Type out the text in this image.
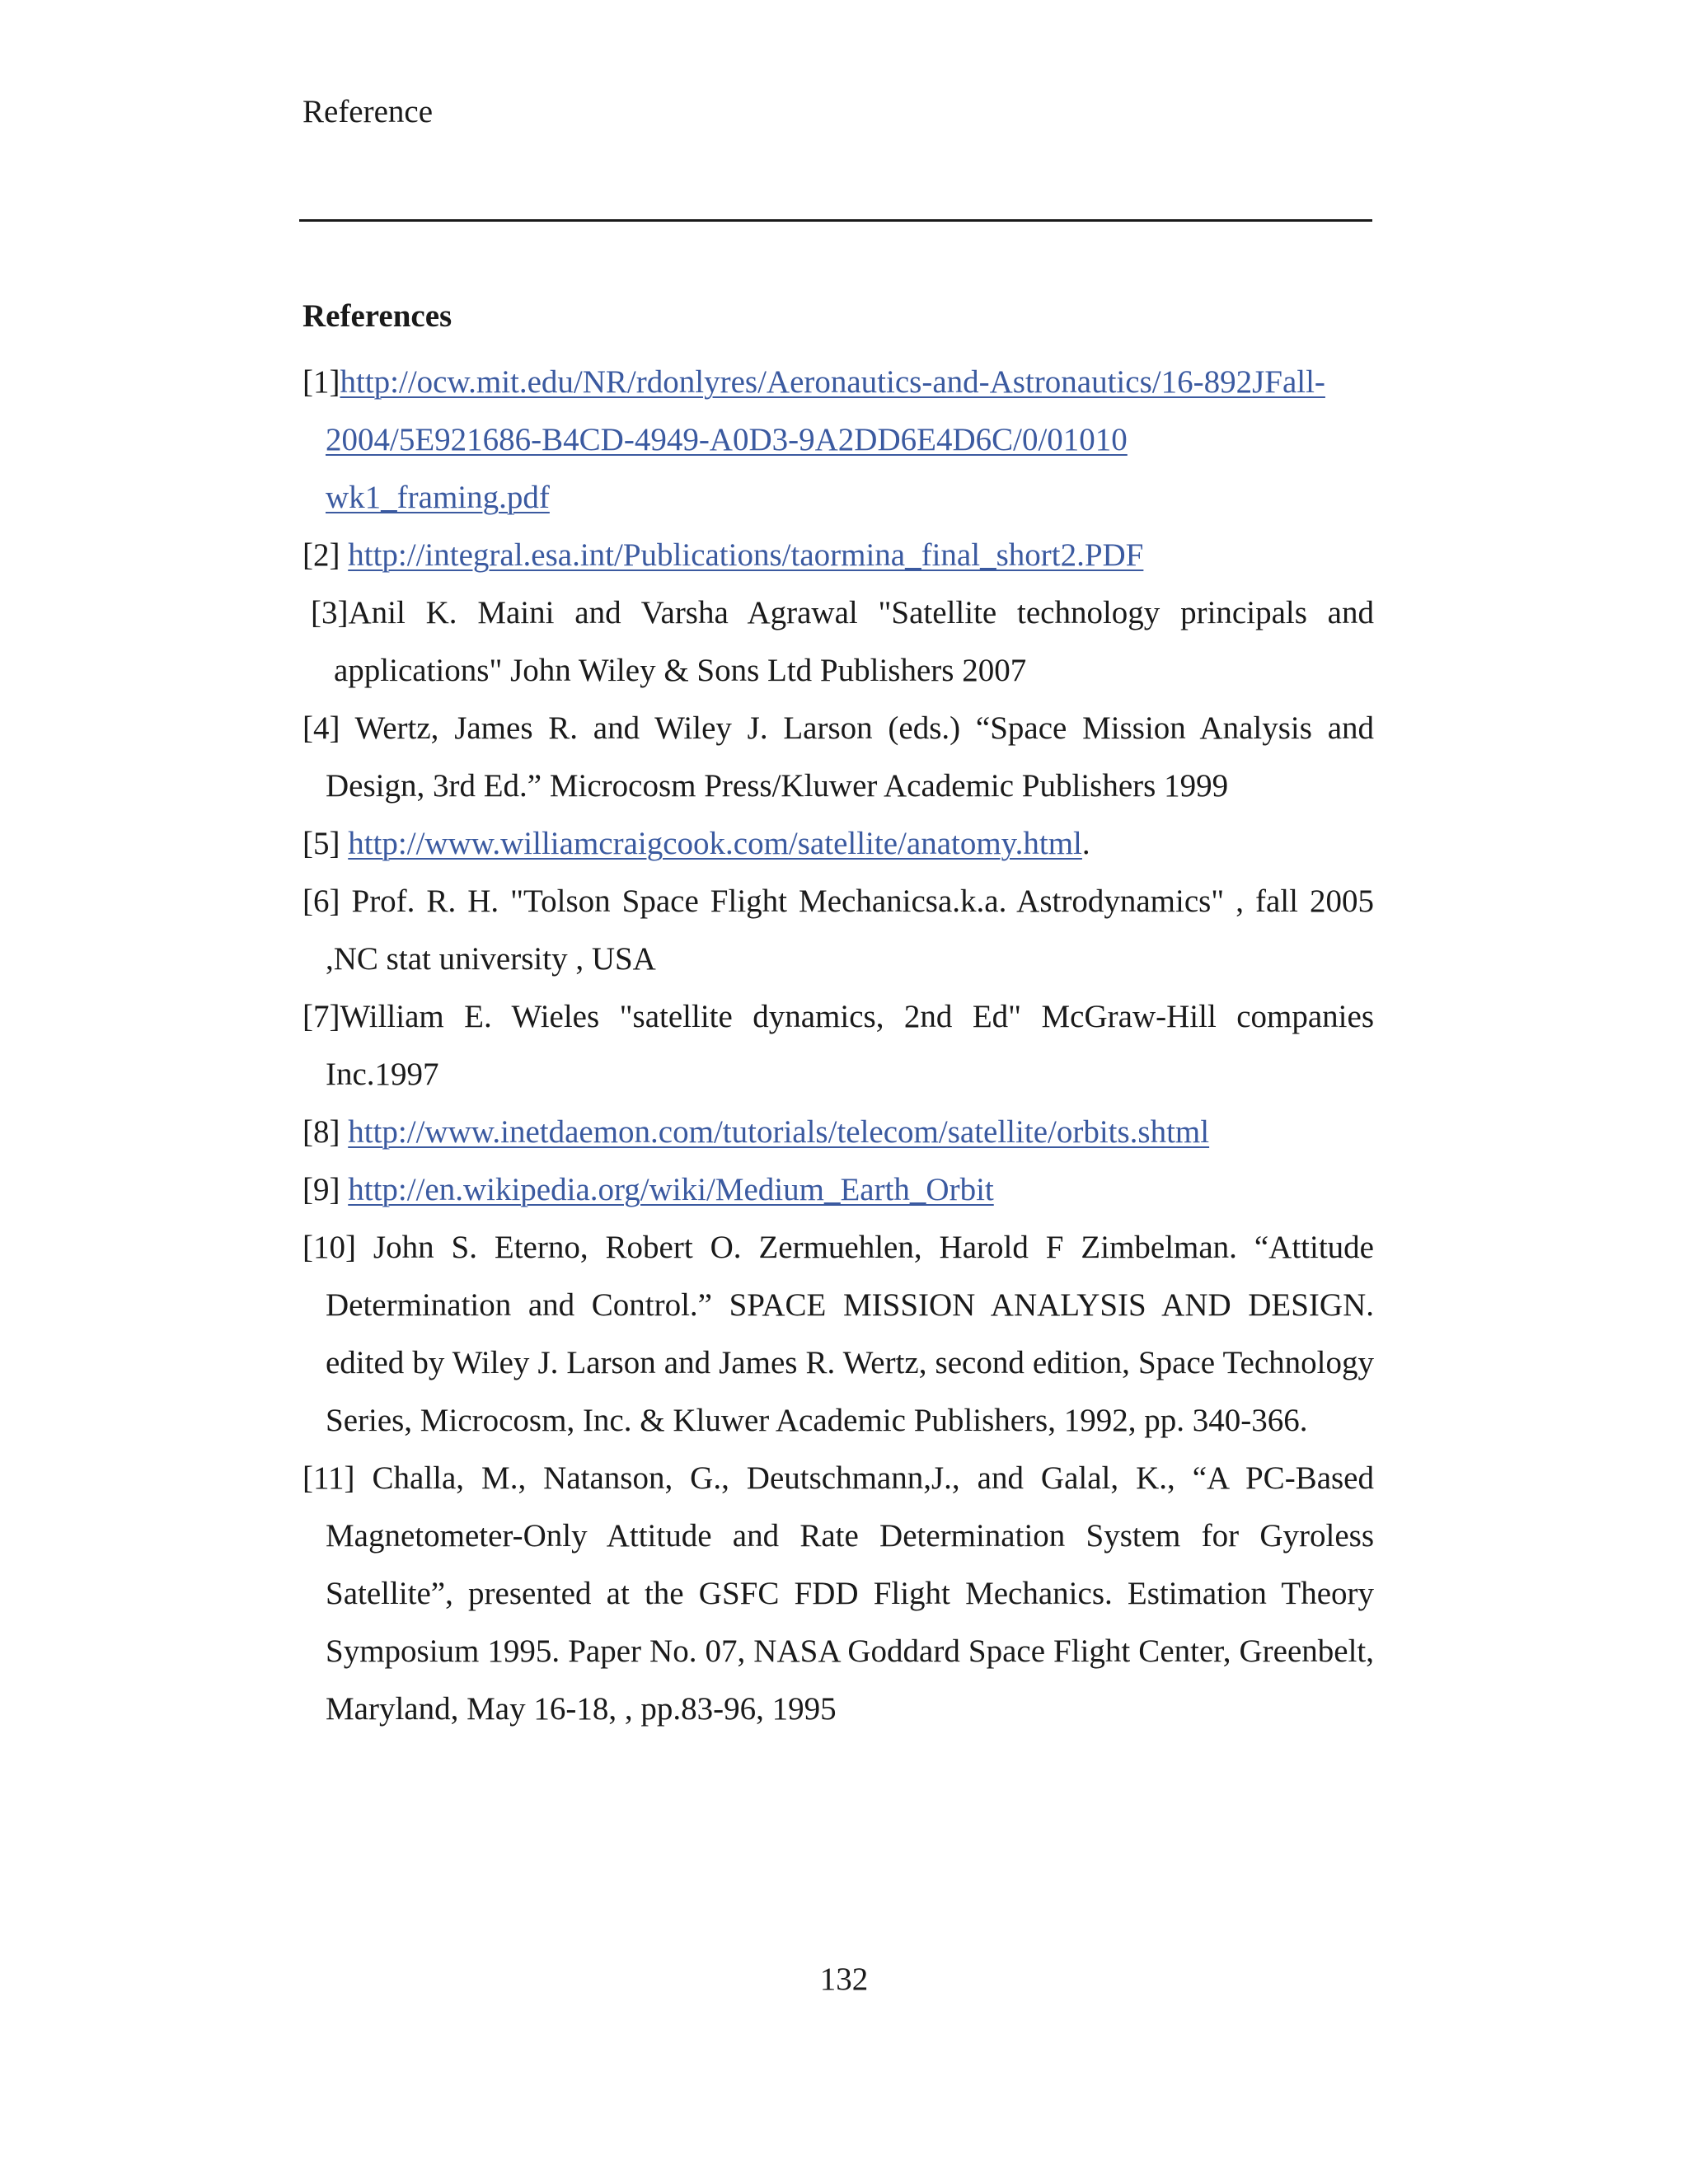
Reference
References
[1]http://ocw.mit.edu/NR/rdonlyres/Aeronautics-and-Astronautics/16-892JFall-
2004/5E921686-B4CD-4949-A0D3-9A2DD6E4D6C/0/01010
wk1_framing.pdf
[2] http://integral.esa.int/Publications/taormina_final_short2.PDF
[3]Anil K. Maini and Varsha Agrawal "Satellite technology principals and applications" John Wiley & Sons Ltd Publishers 2007
[4] Wertz, James R. and Wiley J. Larson (eds.) “Space Mission Analysis and Design, 3rd Ed.” Microcosm Press/Kluwer Academic Publishers 1999
[5] http://www.williamcraigcook.com/satellite/anatomy.html.
[6] Prof. R. H. "Tolson Space Flight Mechanicsa.k.a. Astrodynamics" , fall 2005 ,NC stat university , USA
[7]William E. Wieles "satellite dynamics, 2nd Ed" McGraw-Hill companies Inc.1997
[8] http://www.inetdaemon.com/tutorials/telecom/satellite/orbits.shtml
[9] http://en.wikipedia.org/wiki/Medium_Earth_Orbit
[10] John S. Eterno, Robert O. Zermuehlen, Harold F Zimbelman. “Attitude Determination and Control.” SPACE MISSION ANALYSIS AND DESIGN. edited by Wiley J. Larson and James R. Wertz, second edition, Space Technology Series, Microcosm, Inc. & Kluwer Academic Publishers, 1992, pp. 340-366.
[11] Challa, M., Natanson, G., Deutschmann,J., and Galal, K., “A PC-Based Magnetometer-Only Attitude and Rate Determination System for Gyroless Satellite”, presented at the GSFC FDD Flight Mechanics. Estimation Theory Symposium 1995. Paper No. 07, NASA Goddard Space Flight Center, Greenbelt, Maryland, May 16-18, , pp.83-96, 1995
132
